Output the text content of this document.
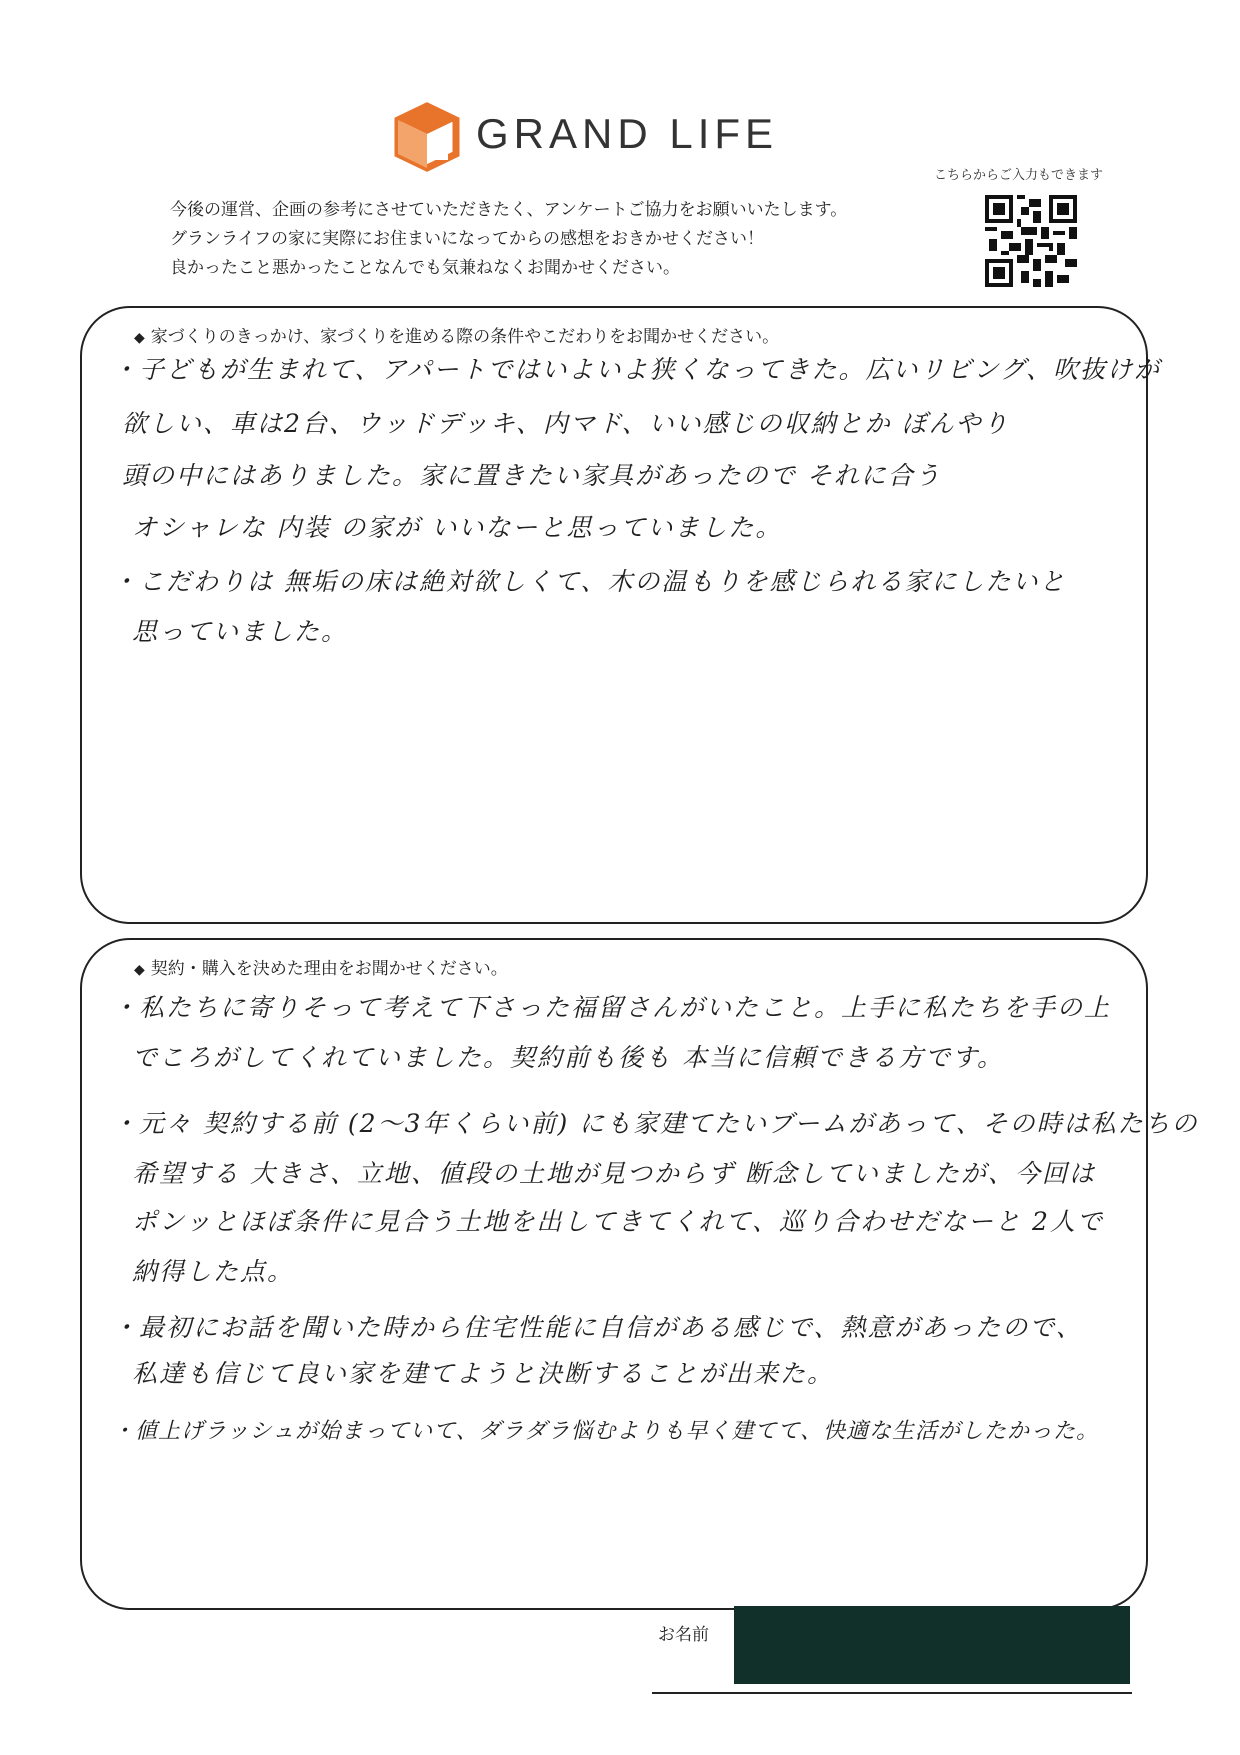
GRAND LIFE
こちらからご入力もできます
今後の運営、企画の参考にさせていただきたく、アンケートご協力をお願いいたします。
グランライフの家に実際にお住まいになってからの感想をおきかせください！
良かったこと悪かったことなんでも気兼ねなくお聞かせください。
◆ 家づくりのきっかけ、家づくりを進める際の条件やこだわりをお聞かせください。
・子どもが生まれて、アパートではいよいよ狭くなってきた。広いリビング、吹抜けが
欲しい、車は2台、ウッドデッキ、内マド、いい感じの収納とか ぼんやり
頭の中にはありました。家に置きたい家具があったので それに合う
オシャレな 内装 の家が いいなーと思っていました。
・こだわりは 無垢の床は絶対欲しくて、木の温もりを感じられる家にしたいと
思っていました。
◆ 契約・購入を決めた理由をお聞かせください。
・私たちに寄りそって考えて下さった福留さんがいたこと。上手に私たちを手の上
でころがしてくれていました。契約前も後も 本当に信頼できる方です。
・元々 契約する前 (2〜3年くらい前) にも家建てたいブームがあって、その時は私たちの
希望する 大きさ、立地、値段の土地が見つからず 断念していましたが、今回は
ポンッとほぼ条件に見合う土地を出してきてくれて、巡り合わせだなーと 2人で
納得した点。
・最初にお話を聞いた時から住宅性能に自信がある感じで、熱意があったので、
私達も信じて良い家を建てようと決断することが出来た。
・値上げラッシュが始まっていて、ダラダラ悩むよりも早く建てて、快適な生活がしたかった。
お名前
